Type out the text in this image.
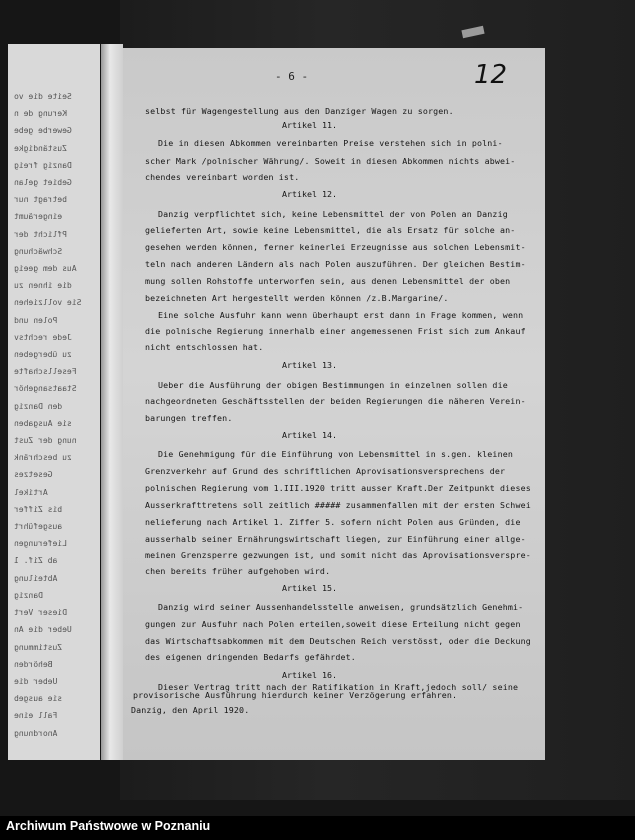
Seite die vo
Kerung de n
Gewerbe gebe
Zuständigke
Danzig freig
Gebiet gelan
betragt nur
eingeräumt
Pflicht der
Schwächung
Aus dem geeig
die ihnen zu
Sie vollziehen
Polen und
Jede rechtsv
zu übergeben
Fesellschafte
Staatsangehör
den Danzig
sie Ausgaben
nung der Zust
zu beschränk
Gesetzes
Artikel
bis Ziffer
ausgeführt
Lieferungen
ab Zif. 1
Abteilung
Danzig
Dieser Vert
Ueber die An
Zustimmung
Behörden
Ueber die
sie ausgeb
Fall eine
Anordnung
- 6 -	12
selbst für Wagengestellung aus den Danziger Wagen zu sorgen.
Artikel 11.
Die in diesen Abkommen vereinbarten Preise verstehen sich in polni-
scher Mark /polnischer Währung/. Soweit in diesen Abkommen nichts abwei-
chendes vereinbart worden ist.
Artikel 12.
Danzig verpflichtet sich, keine Lebensmittel der von Polen an Danzig
gelieferten Art, sowie keine Lebensmittel, die als Ersatz für solche an-
gesehen werden können, ferner keinerlei Erzeugnisse aus solchen Lebensmit-
teln nach anderen Ländern als nach Polen auszuführen. Der gleichen Bestim-
mung sollen Rohstoffe unterworfen sein, aus denen Lebensmittel der oben
bezeichneten Art hergestellt werden können /z.B.Margarine/.
Eine solche Ausfuhr kann wenn überhaupt erst dann in Frage kommen, wenn
die polnische Regierung innerhalb einer angemessenen Frist sich zum Ankauf
nicht entschlossen hat.
Artikel 13.
Ueber die Ausführung der obigen Bestimmungen in einzelnen sollen die
nachgeordneten Geschäftsstellen der beiden Regierungen die näheren Verein-
barungen treffen.
Artikel 14.
Die Genehmigung für die Einführung von Lebensmittel in s.gen. kleinen
Grenzverkehr auf Grund des schriftlichen Aprovisationsversprechens der
polnischen Regierung vom 1.III.1920 tritt ausser Kraft.Der Zeitpunkt dieses
Ausserkrafttretens soll zeitlich ##### zusammenfallen mit der ersten Schwei
nelieferung nach Artikel 1. Ziffer 5. sofern nicht Polen aus Gründen, die
ausserhalb seiner Ernährungswirtschaft liegen, zur Einführung einer allge-
meinen Grenzsperre gezwungen ist, und somit nicht das Aprovisationsverspre-
chen bereits früher aufgehoben wird.
Artikel 15.
Danzig wird seiner Aussenhandelsstelle anweisen, grundsätzlich Genehmi-
gungen zur Ausfuhr nach Polen erteilen,soweit diese Erteilung nicht gegen
das Wirtschaftsabkommen mit dem Deutschen Reich verstösst, oder die Deckung
des eigenen dringenden Bedarfs gefährdet.
Artikel 16.
Dieser Vertrag tritt nach der Ratifikation in Kraft,jedoch soll/ seine
provisorische Ausführung hierdurch keiner Verzögerung erfahren.
Danzig, den April 1920.
Archiwum Państwowe w Poznaniu
